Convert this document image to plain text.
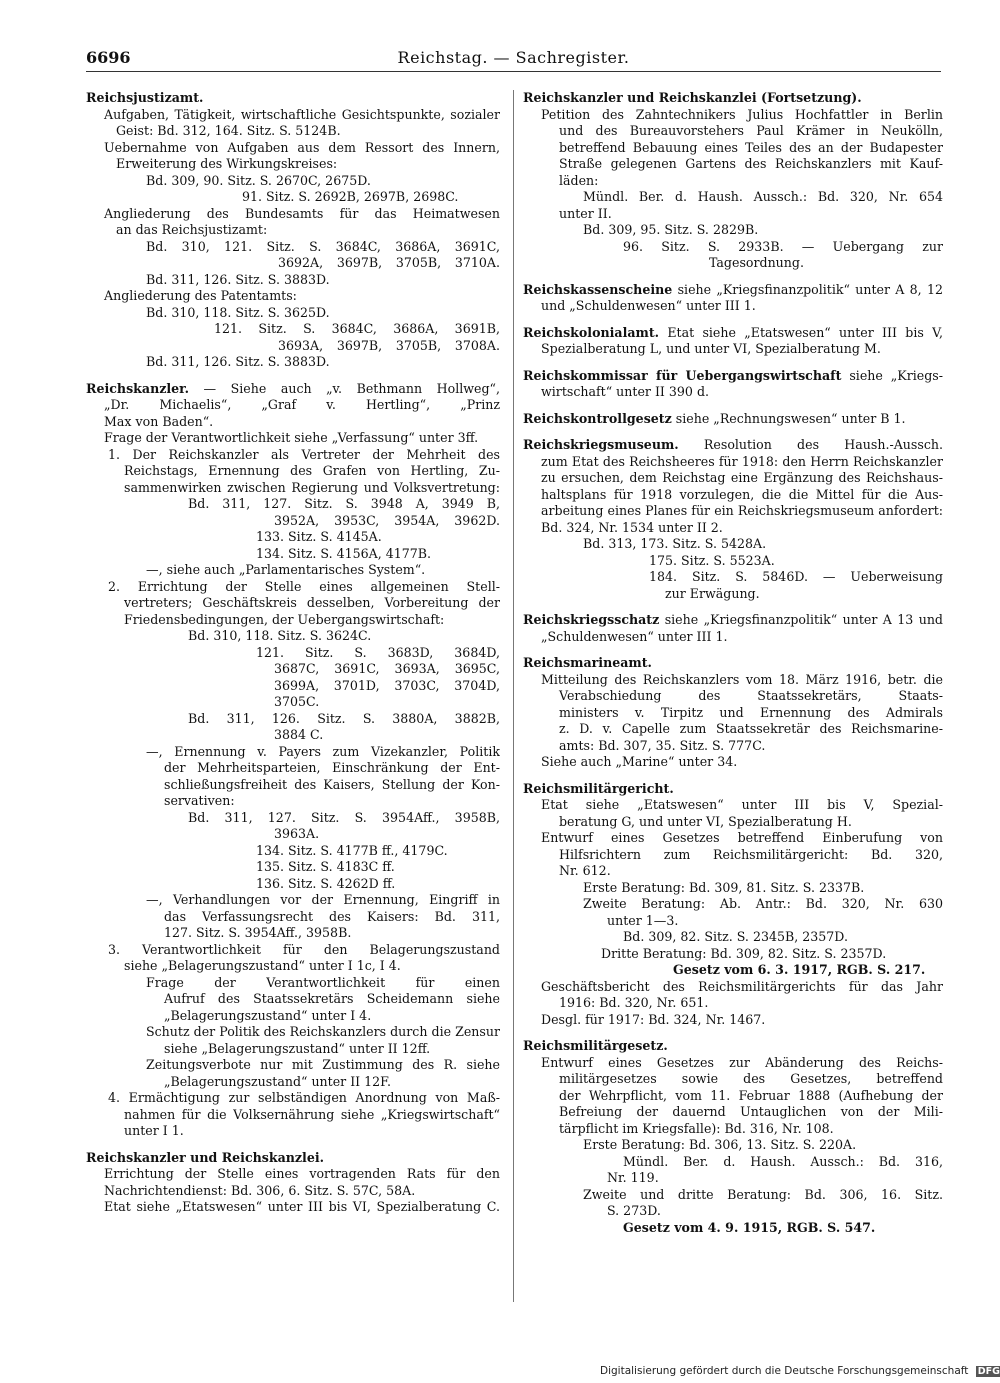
6696	Reichstag. — Sachregister.
Reichsjustizamt.
Aufgaben, Tätigkeit, wirtschaftliche Gesichtspunkte, sozialer
Geist: Bd. 312, 164. Sitz. S. 5124B.
Uebernahme von Aufgaben aus dem Ressort des Innern,
Erweiterung des Wirkungskreises:
Bd. 309, 90. Sitz. S. 2670C, 2675D.
91. Sitz. S. 2692B, 2697B, 2698C.
Angliederung des Bundesamts für das Heimatwesen
an das Reichsjustizamt:
Bd. 310, 121. Sitz. S. 3684C, 3686A, 3691C,
3692A, 3697B, 3705B, 3710A.
Bd. 311, 126. Sitz. S. 3883D.
Angliederung des Patentamts:
Bd. 310, 118. Sitz. S. 3625D.
121. Sitz. S. 3684C, 3686A, 3691B,
3693A, 3697B, 3705B, 3708A.
Bd. 311, 126. Sitz. S. 3883D.
Reichskanzler. — Siehe auch „v. Bethmann Hollweg“,
„Dr. Michaelis“, „Graf v. Hertling“, „Prinz
Max von Baden“.
Frage der Verantwortlichkeit siehe „Verfassung“ unter 3ff.
1. Der Reichskanzler als Vertreter der Mehrheit des
Reichstags, Ernennung des Grafen von Hertling, Zu-
sammenwirken zwischen Regierung und Volksvertretung:
Bd. 311, 127. Sitz. S. 3948 A, 3949 B,
3952A, 3953C, 3954A, 3962D.
133. Sitz. S. 4145A.
134. Sitz. S. 4156A, 4177B.
—, siehe auch „Parlamentarisches System“.
2. Errichtung der Stelle eines allgemeinen Stell-
vertreters; Geschäftskreis desselben, Vorbereitung der
Friedensbedingungen, der Uebergangswirtschaft:
Bd. 310, 118. Sitz. S. 3624C.
121. Sitz. S. 3683D, 3684D,
3687C, 3691C, 3693A, 3695C,
3699A, 3701D, 3703C, 3704D,
3705C.
Bd. 311, 126. Sitz. S. 3880A, 3882B,
3884 C.
—, Ernennung v. Payers zum Vizekanzler, Politik
der Mehrheitsparteien, Einschränkung der Ent-
schließungsfreiheit des Kaisers, Stellung der Kon-
servativen:
Bd. 311, 127. Sitz. S. 3954Aff., 3958B,
3963A.
134. Sitz. S. 4177B ff., 4179C.
135. Sitz. S. 4183C ff.
136. Sitz. S. 4262D ff.
—, Verhandlungen vor der Ernennung, Eingriff in
das Verfassungsrecht des Kaisers: Bd. 311,
127. Sitz. S. 3954Aff., 3958B.
3. Verantwortlichkeit für den Belagerungszustand
siehe „Belagerungszustand“ unter I 1c, I 4.
Frage der Verantwortlichkeit für einen
Aufruf des Staatssekretärs Scheidemann siehe
„Belagerungszustand“ unter I 4.
Schutz der Politik des Reichskanzlers durch die Zensur
siehe „Belagerungszustand“ unter II 12ff.
Zeitungsverbote nur mit Zustimmung des R. siehe
„Belagerungszustand“ unter II 12F.
4. Ermächtigung zur selbständigen Anordnung von Maß-
nahmen für die Volksernährung siehe „Kriegswirtschaft“
unter I 1.
Reichskanzler und Reichskanzlei.
Errichtung der Stelle eines vortragenden Rats für den
Nachrichtendienst: Bd. 306, 6. Sitz. S. 57C, 58A.
Etat siehe „Etatswesen“ unter III bis VI, Spezialberatung C.
Reichskanzler und Reichskanzlei (Fortsetzung).
Petition des Zahntechnikers Julius Hochfattler in Berlin
und des Bureauvorstehers Paul Krämer in Neukölln,
betreffend Bebauung eines Teiles des an der Budapester
Straße gelegenen Gartens des Reichskanzlers mit Kauf-
läden:
Mündl. Ber. d. Haush. Aussch.: Bd. 320, Nr. 654
unter II.
Bd. 309, 95. Sitz. S. 2829B.
96. Sitz. S. 2933B. — Uebergang zur
Tagesordnung.
Reichskassenscheine siehe „Kriegsfinanzpolitik“ unter A 8, 12
und „Schuldenwesen“ unter III 1.
Reichskolonialamt. Etat siehe „Etatswesen“ unter III bis V,
Spezialberatung L, und unter VI, Spezialberatung M.
Reichskommissar für Uebergangswirtschaft siehe „Kriegs-
wirtschaft“ unter II 390 d.
Reichskontrollgesetz siehe „Rechnungswesen“ unter B 1.
Reichskriegsmuseum. Resolution des Haush.-Aussch.
zum Etat des Reichsheeres für 1918: den Herrn Reichskanzler
zu ersuchen, dem Reichstag eine Ergänzung des Reichshaus-
haltsplans für 1918 vorzulegen, die die Mittel für die Aus-
arbeitung eines Planes für ein Reichskriegsmuseum anfordert:
Bd. 324, Nr. 1534 unter II 2.
Bd. 313, 173. Sitz. S. 5428A.
175. Sitz. S. 5523A.
184. Sitz. S. 5846D. — Ueberweisung
zur Erwägung.
Reichskriegsschatz siehe „Kriegsfinanzpolitik“ unter A 13 und
„Schuldenwesen“ unter III 1.
Reichsmarineamt.
Mitteilung des Reichskanzlers vom 18. März 1916, betr. die
Verabschiedung des Staatssekretärs, Staats-
ministers v. Tirpitz und Ernennung des Admirals
z. D. v. Capelle zum Staatssekretär des Reichsmarine-
amts: Bd. 307, 35. Sitz. S. 777C.
Siehe auch „Marine“ unter 34.
Reichsmilitärgericht.
Etat siehe „Etatswesen“ unter III bis V, Spezial-
beratung G, und unter VI, Spezialberatung H.
Entwurf eines Gesetzes betreffend Einberufung von
Hilfsrichtern zum Reichsmilitärgericht: Bd. 320,
Nr. 612.
Erste Beratung: Bd. 309, 81. Sitz. S. 2337B.
Zweite Beratung: Ab. Antr.: Bd. 320, Nr. 630
unter 1—3.
Bd. 309, 82. Sitz. S. 2345B, 2357D.
Dritte Beratung: Bd. 309, 82. Sitz. S. 2357D.
Gesetz vom 6. 3. 1917, RGB. S. 217.
Geschäftsbericht des Reichsmilitärgerichts für das Jahr
1916: Bd. 320, Nr. 651.
Desgl. für 1917: Bd. 324, Nr. 1467.
Reichsmilitärgesetz.
Entwurf eines Gesetzes zur Abänderung des Reichs-
militärgesetzes sowie des Gesetzes, betreffend
der Wehrpflicht, vom 11. Februar 1888 (Aufhebung der
Befreiung der dauernd Untauglichen von der Mili-
tärpflicht im Kriegsfalle): Bd. 316, Nr. 108.
Erste Beratung: Bd. 306, 13. Sitz. S. 220A.
Mündl. Ber. d. Haush. Aussch.: Bd. 316,
Nr. 119.
Zweite und dritte Beratung: Bd. 306, 16. Sitz.
S. 273D.
Gesetz vom 4. 9. 1915, RGB. S. 547.
Digitalisierung gefördert durch die Deutsche Forschungsgemeinschaft DFG
